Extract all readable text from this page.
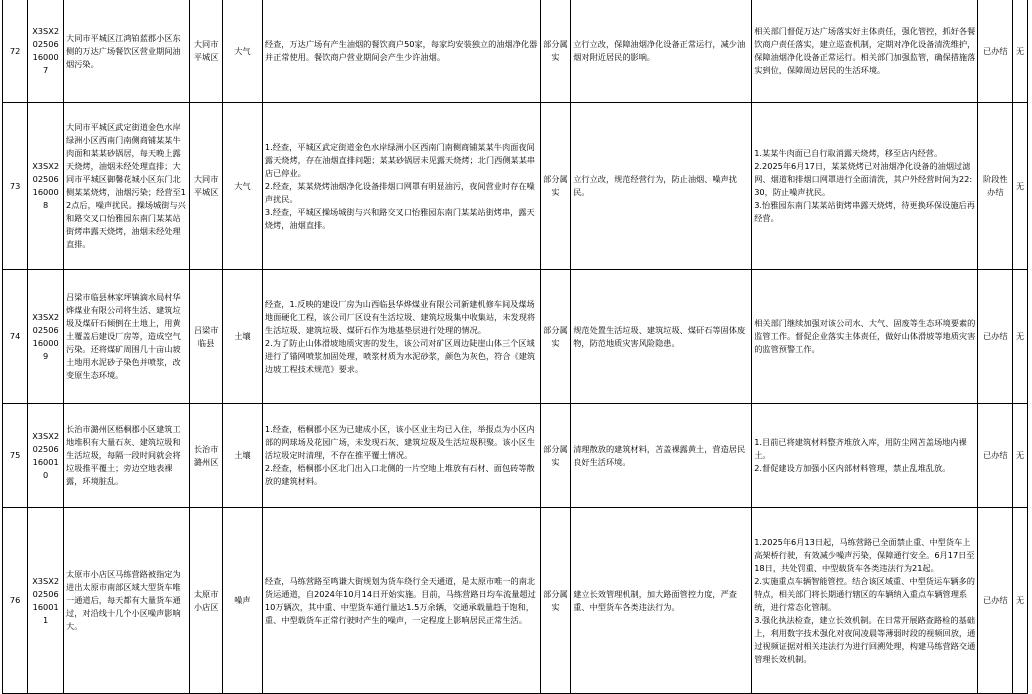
72	X3SX202506160007	大同市平城区江鸿铂蓝郡小区东侧的万达广场餐饮区营业期间油烟污染。	大同市平城区	大气	经查，万达广场有产生油烟的餐饮商户50家，每家均安装独立的油烟净化器并正常使用。餐饮商户营业期间会产生少许油烟。	部分属实	立行立改，保障油烟净化设备正常运行，减少油烟对附近居民的影响。	相关部门督促万达广场落实好主体责任，强化管控，抓好各餐饮商户责任落实，建立巡查机制，定期对净化设备清洗维护，保障油烟净化设备正常运行。相关部门加强监管，确保措施落实到位，保障周边居民的生活环境。	已办结	无
73	X3SX202506160008	大同市平城区武定街道金色水岸绿洲小区西南门南侧商铺某某牛肉面和某某砂锅居，每天晚上露天烧烤，油烟未经处理直排；大同市平城区御馨花城小区东门北侧某某烧烤，油烟污染；经营至12点后，噪声扰民。操场城街与兴和路交叉口怡雅园东南门某某站街烤串露天烧烤，油烟未经处理直排。	大同市平城区	大气	1.经查，平城区武定街道金色水岸绿洲小区西南门南侧商铺某某牛肉面夜间露天烧烤，存在油烟直排问题；某某砂锅居未见露天烧烤；北门西侧某某串店已停业。
2.经查，某某烧烤油烟净化设备排烟口网罩有明显油污，夜间营业时存在噪声扰民。
3.经查，平城区操场城街与兴和路交叉口怡雅园东南门某某站街烤串，露天烧烤，油烟直排。	部分属实	立行立改，规范经营行为，防止油烟、噪声扰民。	1.某某牛肉面已自行取消露天烧烤，移至店内经营。
2.2025年6月17日，某某烧烤已对油烟净化设备的油烟过滤网、烟道和排烟口网罩进行全面清洗，其户外经营时间为22:30，防止噪声扰民。
3.怡雅园东南门某某站街烤串露天烧烤，待更换环保设施后再经营。	阶段性办结	无
74	X3SX202506160009	吕梁市临县林家坪镇滴水局村华烨煤业有限公司将生活、建筑垃圾及煤矸石倾倒在土地上，用黄土覆盖后建设厂房等，造成空气污染。还将煤矿周围几十亩山坡土地用水泥砂子染色并喷浆，改变原生态环境。	吕梁市临县	土壤	经查，1.反映的建设厂房为山西临县华烨煤业有限公司新建机修车间及煤场地面硬化工程，该公司厂区设有生活垃圾、建筑垃圾集中收集站，未发现将生活垃圾、建筑垃圾、煤矸石作为地基垫层进行处理的情况。
2.为了防止山体滑坡地质灾害的发生，该公司对矿区周边陡崖山体三个区域进行了锚网喷浆加固处理，喷浆材质为水泥砂浆，颜色为灰色，符合《建筑边坡工程技术规范》要求。	部分属实	规范处置生活垃圾、建筑垃圾、煤矸石等固体废物，防范地质灾害风险隐患。	相关部门继续加强对该公司水、大气、固废等生态环境要素的监管工作。督促企业落实主体责任，做好山体滑坡等地质灾害的监管预警工作。	已办结	无
75	X3SX202506160010	长治市潞州区梧桐郡小区建筑工地堆积有大量石灰、建筑垃圾和生活垃圾，每隔一段时间就会将垃圾推平覆土；旁边空地表裸露，环境脏乱。	长治市潞州区	土壤	1.经查，梧桐郡小区为已建成小区，该小区业主均已入住，举报点为小区内部的网球场及花园广场，未发现石灰、建筑垃圾及生活垃圾积聚。该小区生活垃圾定时清理，不存在推平覆土情况。
2.经查，梧桐郡小区北门出入口北侧的一片空地上堆放有石材、面包砖等散放的建筑材料。	部分属实	清理散放的建筑材料，苫盖裸露黄土，营造居民良好生活环境。	1.目前已将建筑材料整齐堆放入库，用防尘网苫盖场地内裸土。
2.督促建设方加强小区内部材料管理，禁止乱堆乱放。	已办结	无
76	X3SX202506160011	太原市小店区马练营路被指定为进出太原市南部区域大型货车唯一通道后，每天都有大量货车通过，对沿线十几个小区噪声影响大。	太原市小店区	噪声	经查，马练营路至鸣谦大街规划为货车绕行全天通道，是太原市唯一的南北货运通道，自2024年10月14日开始实施。目前，马练营路日均车流量超过10万辆次，其中重、中型货车通行量达1.5万余辆，交通承载量趋于饱和，重、中型载货车正常行驶时产生的噪声，一定程度上影响居民正常生活。	部分属实	建立长效管理机制，加大路面管控力度，严查重、中型货车各类违法行为。	1.2025年6月13日起，马练营路已全面禁止重、中型货车上高架桥行驶，有效减少噪声污染，保障通行安全。6月17日至18日，共处罚重、中型载货车各类违法行为21起。
2.实施重点车辆智能管控。结合该区域重、中型货运车辆多的特点，相关部门将长期通行辖区的车辆纳入重点车辆管理系统，进行常态化管制。
3.强化执法检查，建立长效机制。在日常开展路查路检的基础上，利用数字技术强化对夜间凌晨等薄弱时段的视频回放，通过视频证据对相关违法行为进行回溯处理，构建马练营路交通管理长效机制。	已办结	无
